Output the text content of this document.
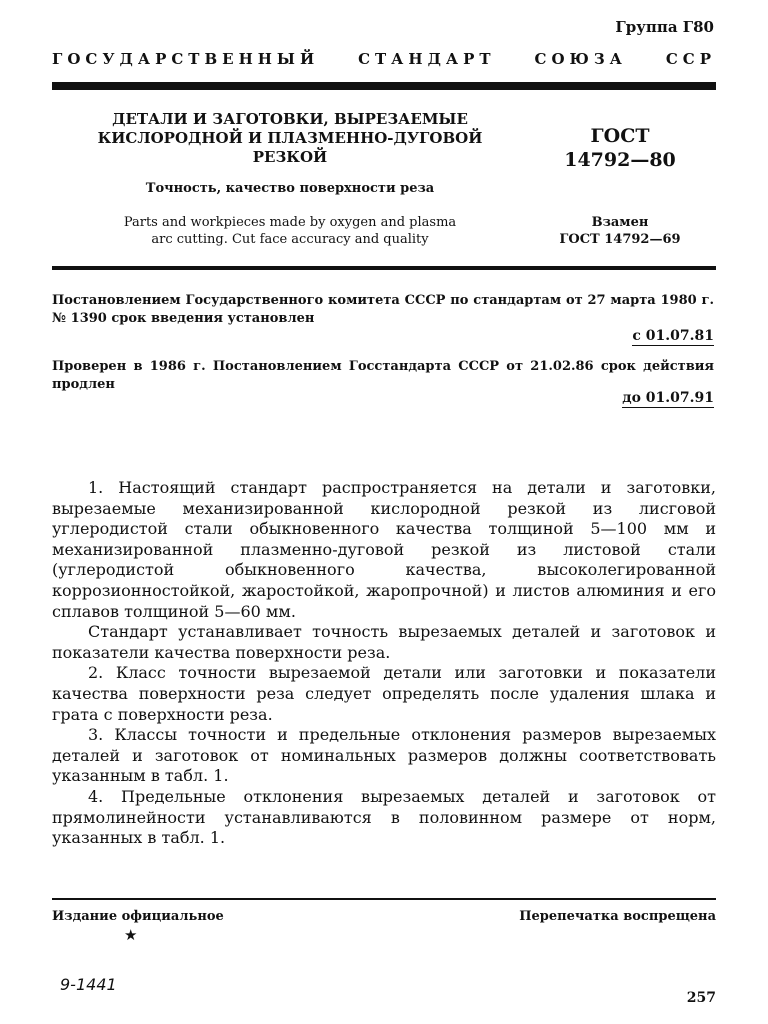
Группа Г80
ГОСУДАРСТВЕННЫЙ	СТАНДАРТ	СОЮЗА	ССР
ДЕТАЛИ И ЗАГОТОВКИ, ВЫРЕЗАЕМЫЕ
КИСЛОРОДНОЙ И ПЛАЗМЕННО-ДУГОВОЙ
РЕЗКОЙ
ГОСТ
14792—80
Точность, качество поверхности реза
Parts and workpieces made by oxygen and plasma
arc cutting. Cut face accuracy and quality
Взамен
ГОСТ 14792—69
Постановлением Государственного комитета СССР по стандартам от 27 марта 1980 г. № 1390 срок введения установлен
с 01.07.81
Проверен в 1986 г. Постановлением Госстандарта СССР от 21.02.86 срок действия продлен
до 01.07.91

1. Настоящий стандарт распространяется на детали и заготовки, вырезаемые механизированной кислородной резкой из лисговой углеродистой стали обыкновенного качества толщиной 5—100 мм и механизированной плазменно-дуговой резкой из листовой стали (углеродистой обыкновенного качества, высоколегированной коррозионностойкой, жаростойкой, жаропрочной) и листов алюминия и его сплавов толщиной 5—60 мм.

Стандарт устанавливает точность вырезаемых деталей и заготовок и показатели качества поверхности реза.

2. Класс точности вырезаемой детали или заготовки и показатели качества поверхности реза следует определять после удаления шлака и грата с поверхности реза.

3. Классы точности и предельные отклонения размеров вырезаемых деталей и заготовок от номинальных размеров должны соответствовать указанным в табл. 1.

4. Предельные отклонения вырезаемых деталей и заготовок от прямолинейности устанавливаются в половинном размере от норм, указанных в табл. 1.

Издание официальное
★
Перепечатка воспрещена
9-1441
257
